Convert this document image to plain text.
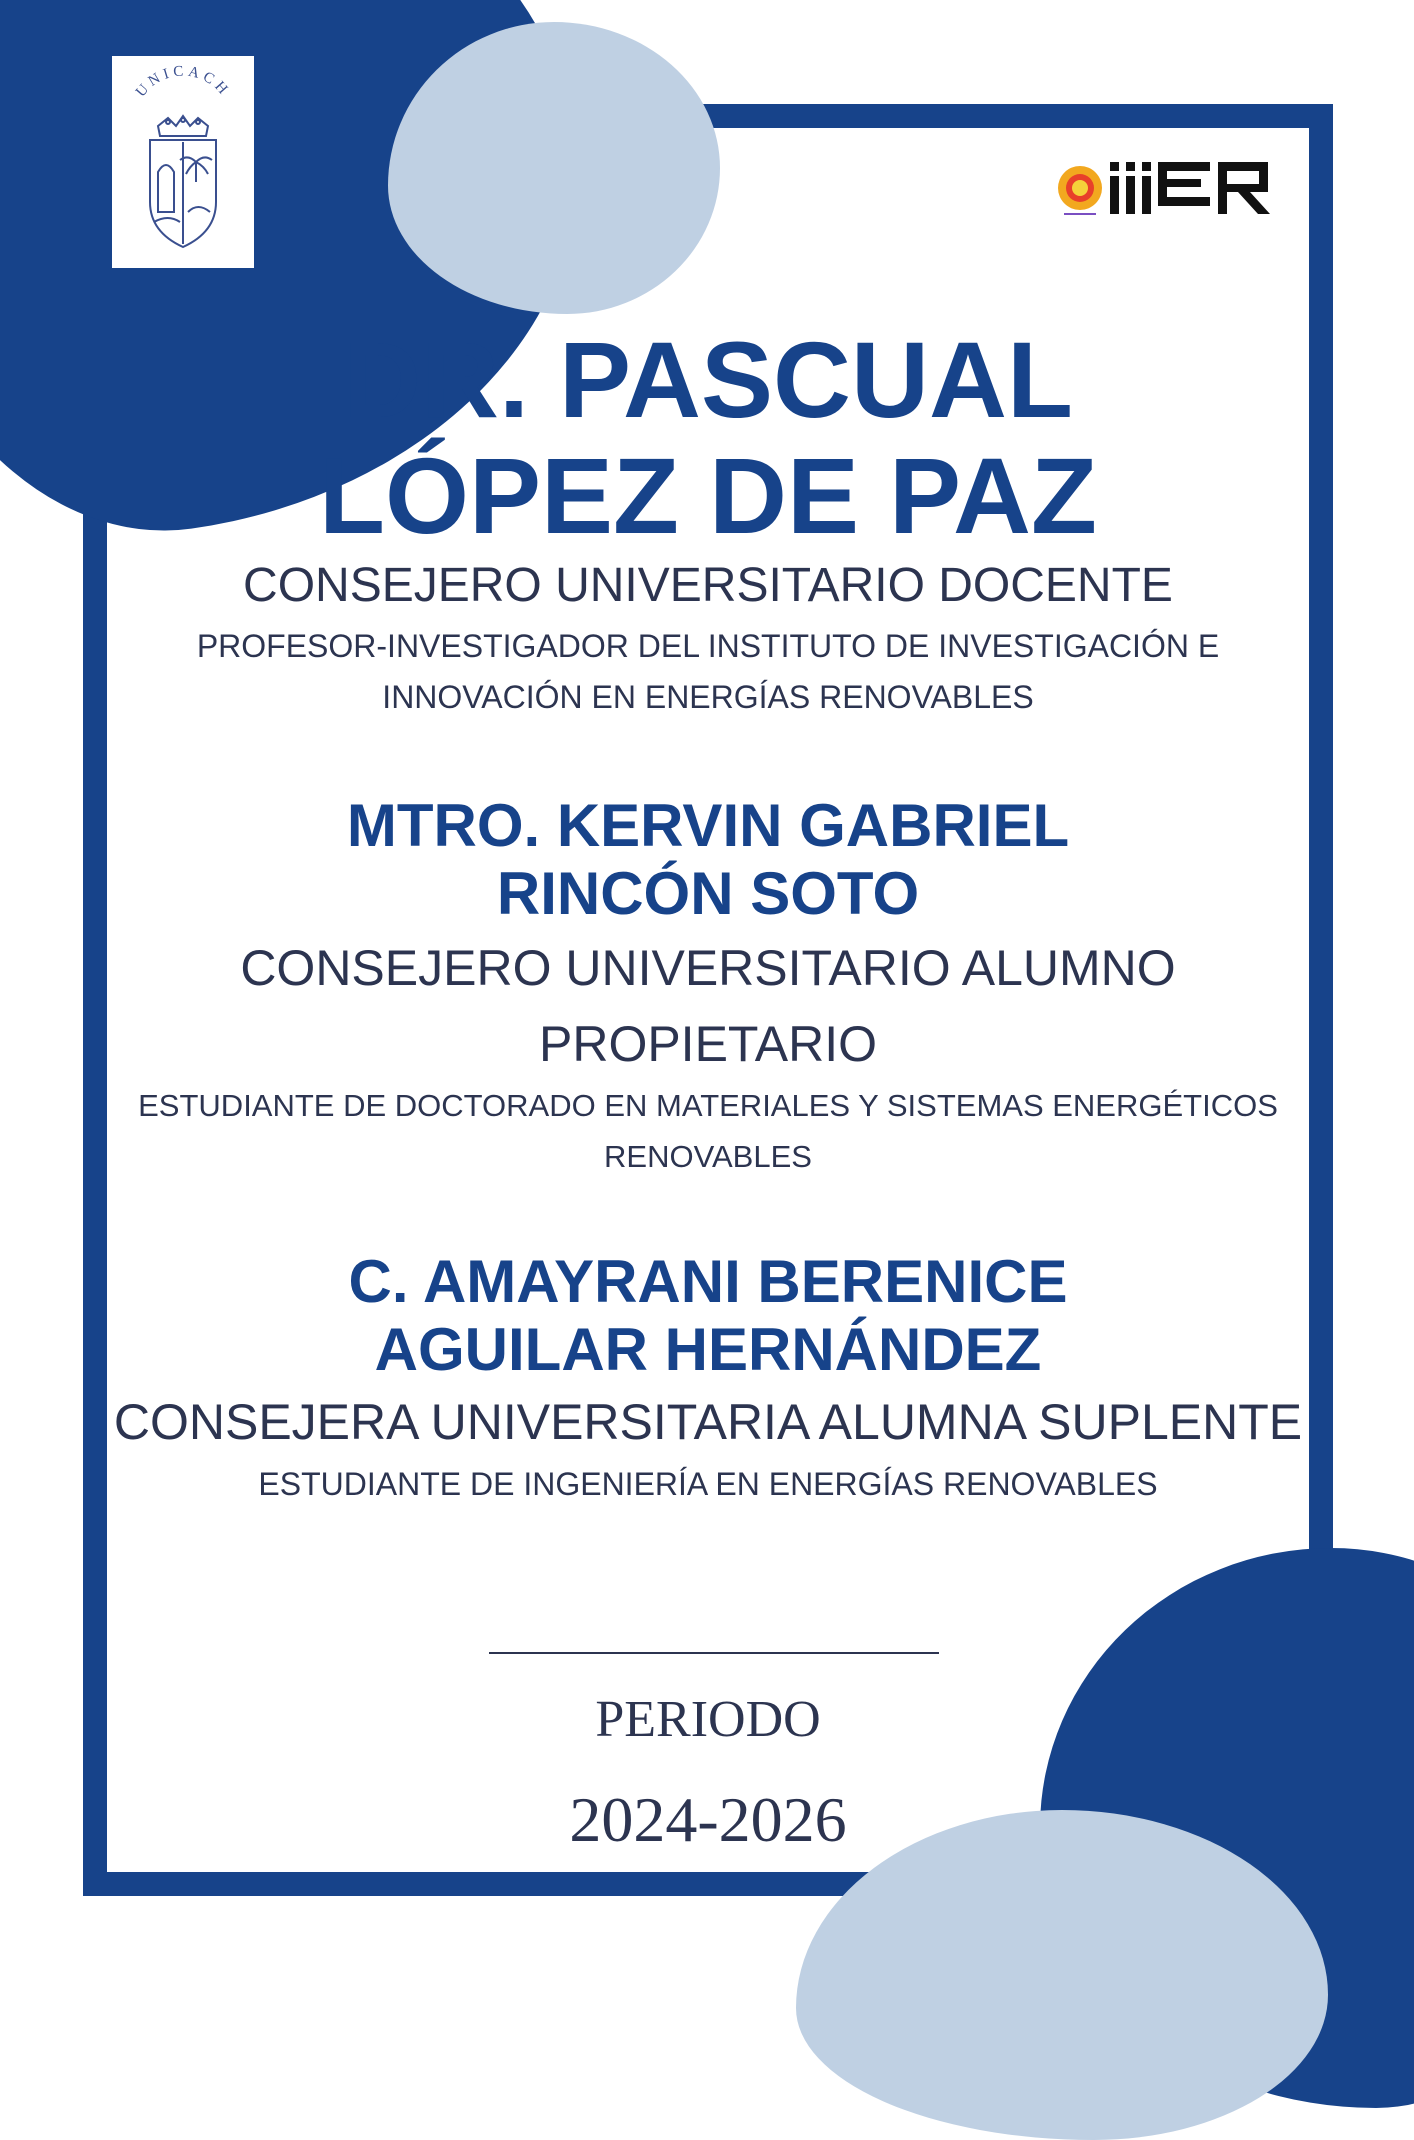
UNICACH

DR. PASCUAL

LÓPEZ DE PAZ

CONSEJERO UNIVERSITARIO DOCENTE

PROFESOR-INVESTIGADOR DEL INSTITUTO DE INVESTIGACIÓN E

INNOVACIÓN EN ENERGÍAS RENOVABLES

MTRO. KERVIN GABRIEL

RINCÓN SOTO

CONSEJERO UNIVERSITARIO ALUMNO

PROPIETARIO

ESTUDIANTE DE DOCTORADO EN MATERIALES Y SISTEMAS ENERGÉTICOS

RENOVABLES

C. AMAYRANI BERENICE

AGUILAR HERNÁNDEZ

CONSEJERA UNIVERSITARIA ALUMNA SUPLENTE

ESTUDIANTE DE INGENIERÍA EN ENERGÍAS RENOVABLES

PERIODO

2024-2026
